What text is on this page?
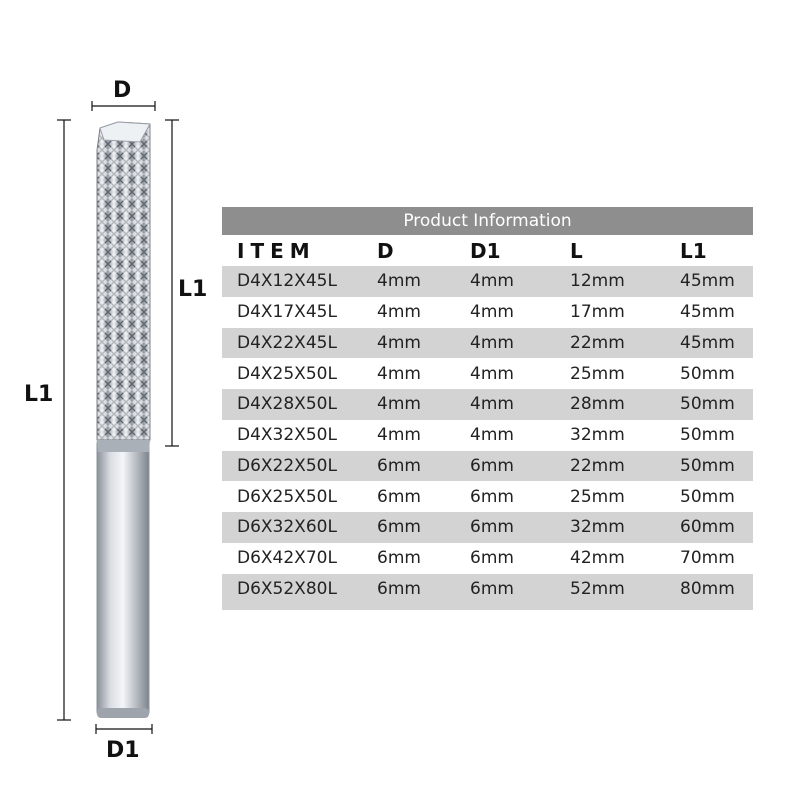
D
L1
L1
D1
Product Information
ITEM	D	D1	L	L1
D4X12X45L	4mm	4mm	12mm	45mm
D4X17X45L	4mm	4mm	17mm	45mm
D4X22X45L	4mm	4mm	22mm	45mm
D4X25X50L	4mm	4mm	25mm	50mm
D4X28X50L	4mm	4mm	28mm	50mm
D4X32X50L	4mm	4mm	32mm	50mm
D6X22X50L	6mm	6mm	22mm	50mm
D6X25X50L	6mm	6mm	25mm	50mm
D6X32X60L	6mm	6mm	32mm	60mm
D6X42X70L	6mm	6mm	42mm	70mm
D6X52X80L	6mm	6mm	52mm	80mm
